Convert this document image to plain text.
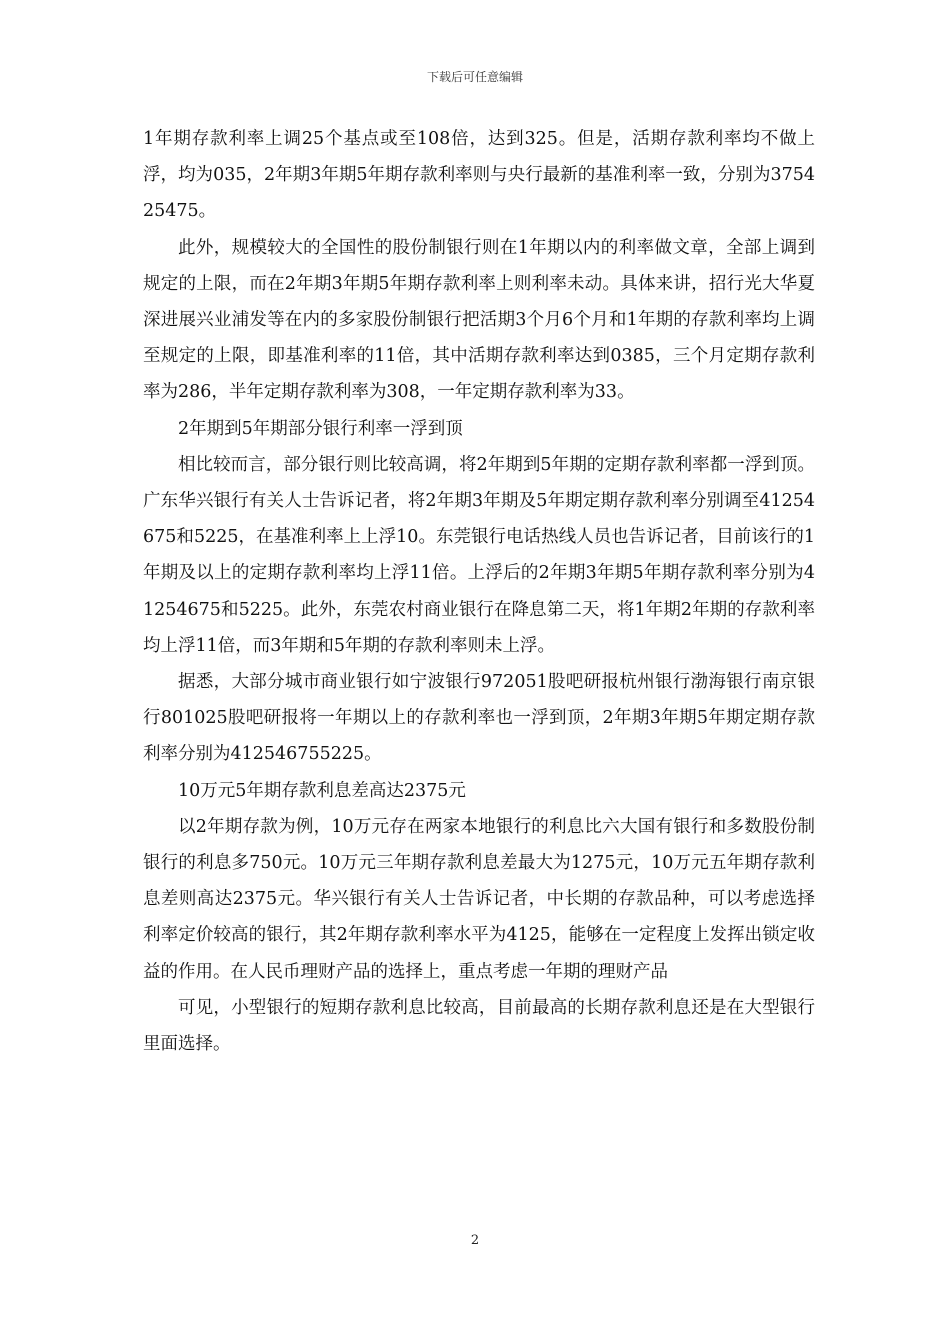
下载后可任意编辑

1年期存款利率上调25个基点或至108倍，达到325。但是，活期存款利率均不做上浮，均为035，2年期3年期5年期存款利率则与央行最新的基准利率一致，分别为375425475。

此外，规模较大的全国性的股份制银行则在1年期以内的利率做文章，全部上调到规定的上限，而在2年期3年期5年期存款利率上则利率未动。具体来讲，招行光大华夏深进展兴业浦发等在内的多家股份制银行把活期3个月6个月和1年期的存款利率均上调至规定的上限，即基准利率的11倍，其中活期存款利率达到0385，三个月定期存款利率为286，半年定期存款利率为308，一年定期存款利率为33。

2年期到5年期部分银行利率一浮到顶

相比较而言，部分银行则比较高调，将2年期到5年期的定期存款利率都一浮到顶。广东华兴银行有关人士告诉记者，将2年期3年期及5年期定期存款利率分别调至41254675和5225，在基准利率上上浮10。东莞银行电话热线人员也告诉记者，目前该行的1年期及以上的定期存款利率均上浮11倍。上浮后的2年期3年期5年期存款利率分别为41254675和5225。此外，东莞农村商业银行在降息第二天，将1年期2年期的存款利率均上浮11倍，而3年期和5年期的存款利率则未上浮。

据悉，大部分城市商业银行如宁波银行972051股吧研报杭州银行渤海银行南京银行801025股吧研报将一年期以上的存款利率也一浮到顶，2年期3年期5年期定期存款利率分别为412546755225。

10万元5年期存款利息差高达2375元

以2年期存款为例，10万元存在两家本地银行的利息比六大国有银行和多数股份制银行的利息多750元。10万元三年期存款利息差最大为1275元，10万元五年期存款利息差则高达2375元。华兴银行有关人士告诉记者，中长期的存款品种，可以考虑选择利率定价较高的银行，其2年期存款利率水平为4125，能够在一定程度上发挥出锁定收益的作用。在人民币理财产品的选择上，重点考虑一年期的理财产品

可见，小型银行的短期存款利息比较高，目前最高的长期存款利息还是在大型银行里面选择。

2
